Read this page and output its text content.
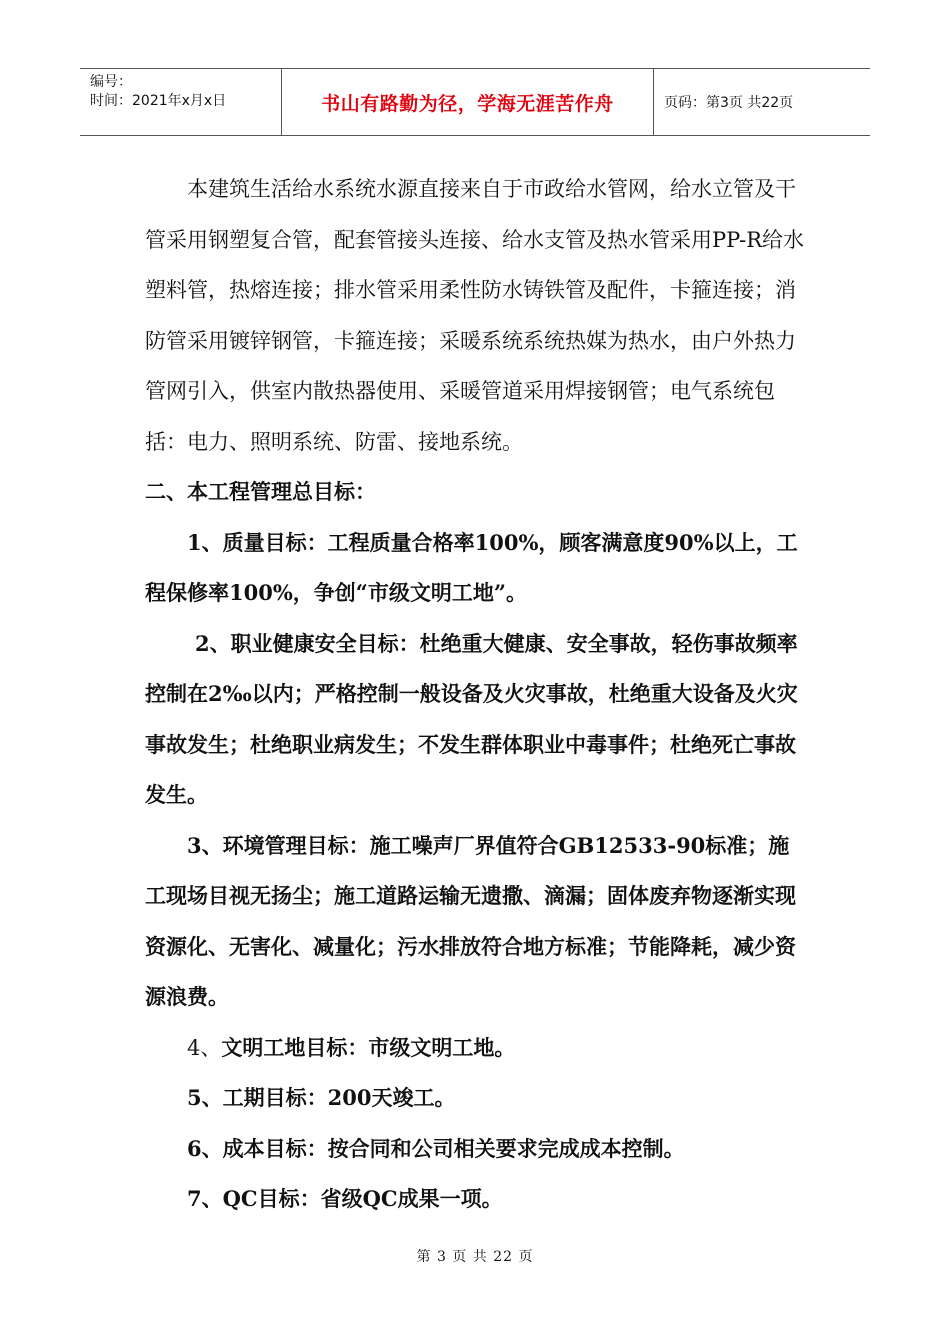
编号：
时间：2021年x月x日	书山有路勤为径，学海无涯苦作舟	页码：第3页 共22页

本建筑生活给水系统水源直接来自于市政给水管网，给水立管及干管采用钢塑复合管，配套管接头连接、给水支管及热水管采用PP-R给水塑料管，热熔连接；排水管采用柔性防水铸铁管及配件，卡箍连接；消防管采用镀锌钢管，卡箍连接；采暖系统系统热媒为热水，由户外热力管网引入，供室内散热器使用、采暖管道采用焊接钢管；电气系统包括：电力、照明系统、防雷、接地系统。

二、本工程管理总目标：

1、质量目标：工程质量合格率100%，顾客满意度90%以上，工程保修率100%，争创“市级文明工地”。

2、职业健康安全目标：杜绝重大健康、安全事故，轻伤事故频率控制在2‰以内；严格控制一般设备及火灾事故，杜绝重大设备及火灾事故发生；杜绝职业病发生；不发生群体职业中毒事件；杜绝死亡事故发生。

3、环境管理目标：施工噪声厂界值符合GB12533-90标准；施工现场目视无扬尘；施工道路运输无遗撒、滴漏；固体废弃物逐渐实现资源化、无害化、减量化；污水排放符合地方标准；节能降耗，减少资源浪费。

4、文明工地目标：市级文明工地。

5、工期目标：200天竣工。

6、成本目标：按合同和公司相关要求完成成本控制。

7、QC目标：省级QC成果一项。

第 3 页 共 22 页
